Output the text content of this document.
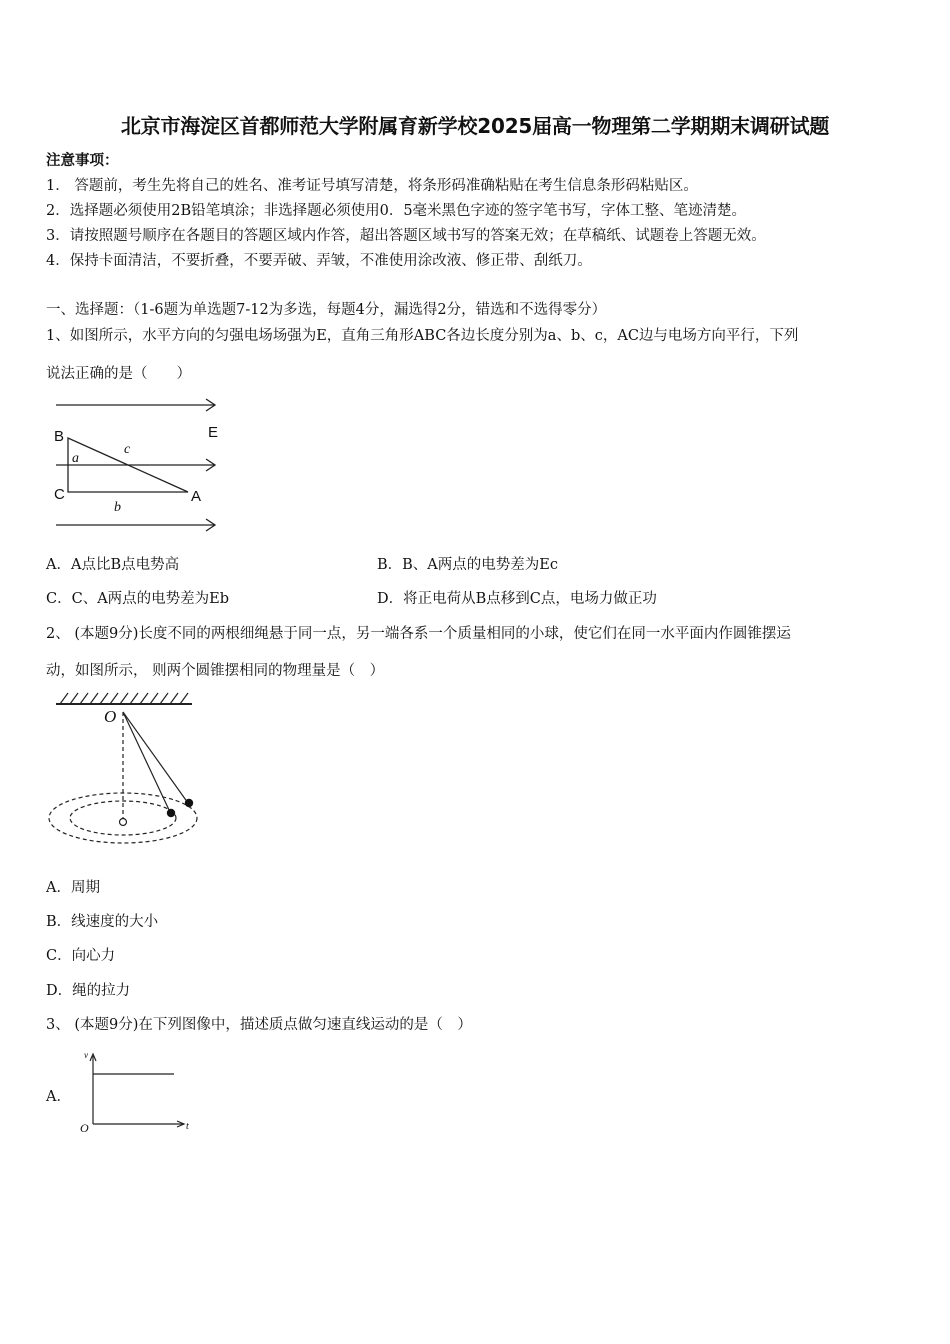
北京市海淀区首都师范大学附属育新学校2025届高一物理第二学期期末调研试题
注意事项：
1． 答题前，考生先将自己的姓名、准考证号填写清楚，将条形码准确粘贴在考生信息条形码粘贴区。
2．选择题必须使用2B铅笔填涂；非选择题必须使用0．5毫米黑色字迹的签字笔书写，字体工整、笔迹清楚。
3．请按照题号顺序在各题目的答题区域内作答，超出答题区域书写的答案无效；在草稿纸、试题卷上答题无效。
4．保持卡面清洁，不要折叠，不要弄破、弄皱，不准使用涂改液、修正带、刮纸刀。
一、选择题：（1-6题为单选题7-12为多选，每题4分，漏选得2分，错选和不选得零分）
1、如图所示，水平方向的匀强电场场强为E，直角三角形ABC各边长度分别为a、b、c，AC边与电场方向平行，下列
说法正确的是（　　）
B
C	A
E
a
b
c
A．A点比B点电势高	B．B、A两点的电势差为Ec
C．C、A两点的电势差为Eb	D．将正电荷从B点移到C点，电场力做正功
2、 (本题9分)长度不同的两根细绳悬于同一点，另一端各系一个质量相同的小球，使它们在同一水平面内作圆锥摆运
动，如图所示， 则两个圆锥摆相同的物理量是（　）
O
A．周期
B．线速度的大小
C．向心力
D．绳的拉力
3、 (本题9分)在下列图像中，描述质点做匀速直线运动的是（　）
A．
v
O	t
